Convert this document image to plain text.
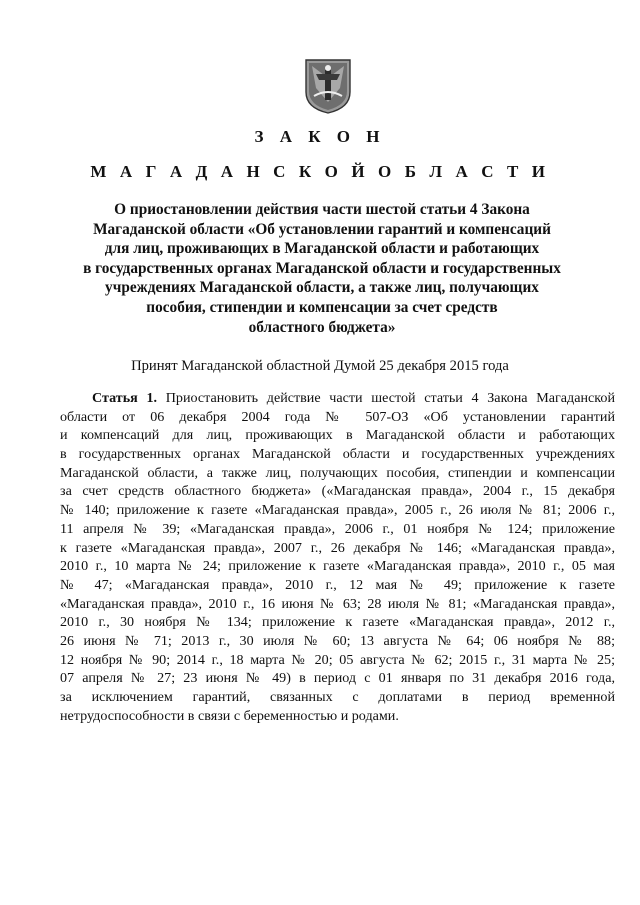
З А К О Н
М А Г А Д А Н С К О Й О Б Л А С Т И
О приостановлении действия части шестой статьи 4 Закона
Магаданской области «Об установлении гарантий и компенсаций
для лиц, проживающих в Магаданской области и работающих
в государственных органах Магаданской области и государственных
учреждениях Магаданской области, а также лиц, получающих
пособия, стипендии и компенсации за счет средств
областного бюджета»
Принят Магаданской областной Думой 25 декабря 2015 года
Статья 1. Приостановить действие части шестой статьи 4 Закона Магаданской
области от 06 декабря 2004 года № 507-ОЗ «Об установлении гарантий
и компенсаций для лиц, проживающих в Магаданской области и работающих
в государственных органах Магаданской области и государственных учреждениях
Магаданской области, а также лиц, получающих пособия, стипендии и компенсации
за счет средств областного бюджета» («Магаданская правда», 2004 г., 15 декабря
№ 140; приложение к газете «Магаданская правда», 2005 г., 26 июля № 81; 2006 г.,
11 апреля № 39; «Магаданская правда», 2006 г., 01 ноября № 124; приложение
к газете «Магаданская правда», 2007 г., 26 декабря № 146; «Магаданская правда»,
2010 г., 10 марта № 24; приложение к газете «Магаданская правда», 2010 г., 05 мая
№ 47; «Магаданская правда», 2010 г., 12 мая № 49; приложение к газете
«Магаданская правда», 2010 г., 16 июня № 63; 28 июля № 81; «Магаданская правда»,
2010 г., 30 ноября № 134; приложение к газете «Магаданская правда», 2012 г.,
26 июня № 71; 2013 г., 30 июля № 60; 13 августа № 64; 06 ноября № 88;
12 ноября № 90; 2014 г., 18 марта № 20; 05 августа № 62; 2015 г., 31 марта № 25;
07 апреля № 27; 23 июня № 49) в период с 01 января по 31 декабря 2016 года,
за исключением гарантий, связанных с доплатами в период временной
нетрудоспособности в связи с беременностью и родами.
